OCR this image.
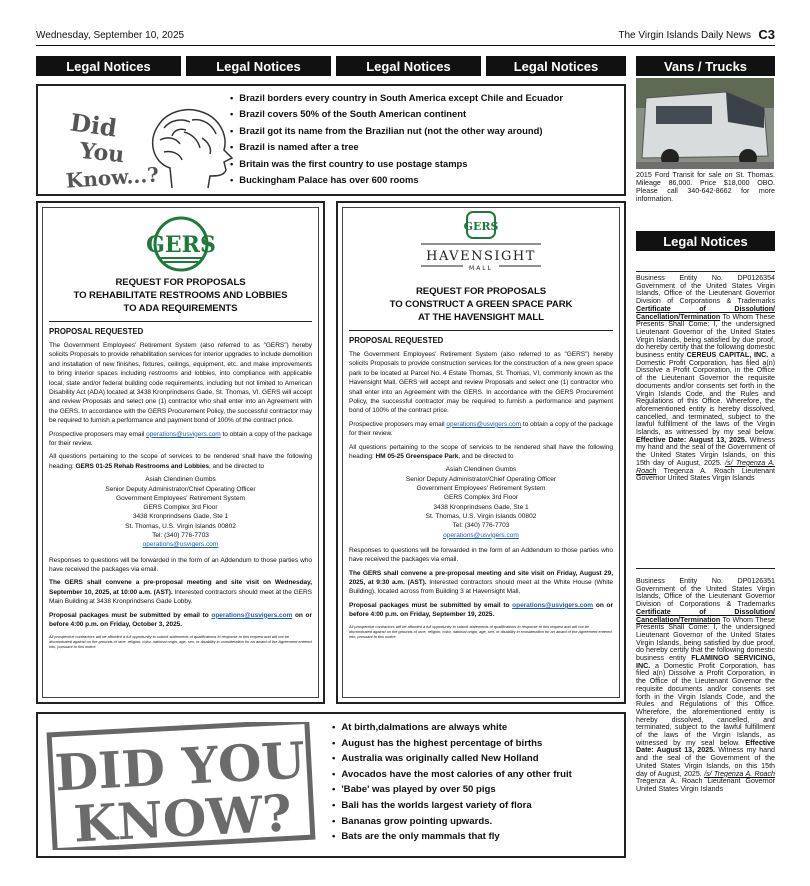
Wednesday, September 10, 2025	The Virgin Islands Daily News C3
Legal Notices	Legal Notices	Legal Notices	Legal Notices	Vans / Trucks
Did
You
Know...?
• Brazil borders every country in South America except Chile and Ecuador
• Brazil covers 50% of the South American continent
• Brazil got its name from the Brazilian nut (not the other way around)
• Brazil is named after a tree
• Britain was the first country to use postage stamps
• Buckingham Palace has over 600 rooms
GERS
REQUEST FOR PROPOSALS
TO REHABILITATE RESTROOMS AND LOBBIES
TO ADA REQUIREMENTS
PROPOSAL REQUESTED

The Government Employees' Retirement System (also referred to as "GERS") hereby solicits Proposals to provide rehabilitation services for interior upgrades to include demolition and installation of new finishes, fixtures, ceilings, equipment, etc. and make improvements to bring interior spaces including restrooms and lobbies, into compliance with applicable local, state and/or federal building code requirements, including but not limited to American Disability Act (ADA) located at 3438 Kronprindsens Gade, St. Thomas, VI. GERS will accept and review Proposals and select one (1) contractor who shall enter into an Agreement with the GERS. In accordance with the GERS Procurement Policy, the successful contractor may be required to furnish a performance and payment bond of 100% of the contract price.

Prospective proposers may email operations@usvigers.com to obtain a copy of the package for their review.

All questions pertaining to the scope of services to be rendered shall have the following heading: GERS 01-25 Rehab Restrooms and Lobbies, and be directed to

Asiah Clendinen Gumbs
Senior Deputy Administrator/Chief Operating Officer
Government Employees' Retirement System
GERS Complex 3rd Floor
3438 Kronprindsens Gade, Ste 1
St. Thomas, U.S. Virgin Islands 00802
Tel: (340) 776-7703
operations@usvigers.com

Responses to questions will be forwarded in the form of an Addendum to those parties who have received the packages via email.

The GERS shall convene a pre-proposal meeting and site visit on Wednesday, September 10, 2025, at 10:00 a.m. (AST). Interested contractors should meet at the GERS Main Building at 3438 Kronprindsens Gade Lobby.

Proposal packages must be submitted by email to operations@usvigers.com on or before 4:00 p.m. on Friday, October 3, 2025.

All prospective contractors will be afforded a full opportunity to submit statements of qualifications in response to this request and will not be discriminated against on the grounds of race, religion, color, national origin, age, sex, or disability in consideration for an award of the Agreement entered into, pursuant to this notice.
GERS
HAVENSIGHT
MALL
REQUEST FOR PROPOSALS
TO CONSTRUCT A GREEN SPACE PARK
AT THE HAVENSIGHT MALL
PROPOSAL REQUESTED

The Government Employees' Retirement System (also referred to as "GERS") hereby solicits Proposals to provide construction services for the construction of a new green space park to be located at Parcel No. 4 Estate Thomas, St. Thomas, VI, commonly known as the Havensight Mall. GERS will accept and review Proposals and select one (1) contractor who shall enter into an Agreement with the GERS. In accordance with the GERS Procurement Policy, the successful contractor may be required to furnish a performance and payment bond of 100% of the contract price.

Prospective proposers may email operations@usvigers.com to obtain a copy of the package for their review.

All questions pertaining to the scope of services to be rendered shall have the following heading: HM 05-25 Greenspace Park, and be directed to

Asiah Clendinen Gumbs
Senior Deputy Administrator/Chief Operating Officer
Government Employees' Retirement System
GERS Complex 3rd Floor
3438 Kronprindsens Gade, Ste 1
St. Thomas, U.S. Virgin Islands 00802
Tel: (340) 776-7703
operations@usvigers.com

Responses to questions will be forwarded in the form of an Addendum to those parties who have received the packages via email.

The GERS shall convene a pre-proposal meeting and site visit on Friday, August 29, 2025, at 9:30 a.m. (AST). Interested contractors should meet at the White House (White Building), located across from Building 3 at Havensight Mall.

Proposal packages must be submitted by email to operations@usvigers.com on or before 4:00 p.m. on Friday, September 19, 2025.

All prospective contractors will be afforded a full opportunity to submit statements of qualifications in response to this request and will not be discriminated against on the grounds of race, religion, color, national origin, age, sex, or disability in consideration for an award of the Agreement entered into, pursuant to this notice.
DID YOU
KNOW?
• At birth,dalmations are always white
• August has the highest percentage of births
• Australia was originally called New Holland
• Avocados have the most calories of any other fruit
• 'Babe' was played by over 50 pigs
• Bali has the worlds largest variety of flora
• Bananas grow pointing upwards.
• Bats are the only mammals that fly
2015 Ford Transit for sale on St. Thomas. Mileage 86,000. Price $18,000 OBO. Please call 340-642-8662 for more information.
Legal Notices
Business Entity No. DP0126354 Government of the United States Virgin Islands, Office of the Lieutenant Governor Division of Corporations & Trademarks Certificate of Dissolution/ Cancellation/Termination To Whom These Presents Shall Come: I, the undersigned Lieutenant Governor of the United States Virgin Islands, being satisfied by due proof, do hereby certify that the following domestic business entity CEREUS CAPITAL, INC. a Domestic Profit Corporation, has filed a(n) Dissolve a Profit Corporation, in the Office of the Lieutenant Governor the requisite documents and/or consents set forth in the Virgin Islands Code, and the Rules and Regulations of this Office. Wherefore, the aforementioned entity is hereby dissolved, cancelled, and terminated, subject to the lawful fulfillment of the laws of the Virgin Islands, as witnessed by my seal below. Effective Date: August 13, 2025. Witness my hand and the seal of the Government of the United States Virgin Islands, on this 15th day of August, 2025. /s/ Tregenza A. Roach Tregenza A. Roach Lieutenant Governor United States Virgin Islands
Business Entity No. DP0126351 Government of the United States Virgin Islands, Office of the Lieutenant Governor Division of Corporations & Trademarks Certificate of Dissolution/ Cancellation/Termination To Whom These Presents Shall Come: I, the undersigned Lieutenant Governor of the United States Virgin Islands, being satisfied by due proof, do hereby certify that the following domestic business entity FLAMINGO SERVICING, INC. a Domestic Profit Corporation, has filed a(n) Dissolve a Profit Corporation, in the Office of the Lieutenant Governor the requisite documents and/or consents set forth in the Virgin Islands Code, and the Rules and Regulations of this Office. Wherefore, the aforementioned entity is hereby dissolved, cancelled, and terminated, subject to the lawful fulfillment of the laws of the Virgin Islands, as witnessed by my seal below. Effective Date: August 13, 2025. Witness my hand and the seal of the Government of the United States Virgin Islands, on this 15th day of August, 2025. /s/ Tregenza A. Roach Tregenza A. Roach Lieutenant Governor United States Virgin Islands
